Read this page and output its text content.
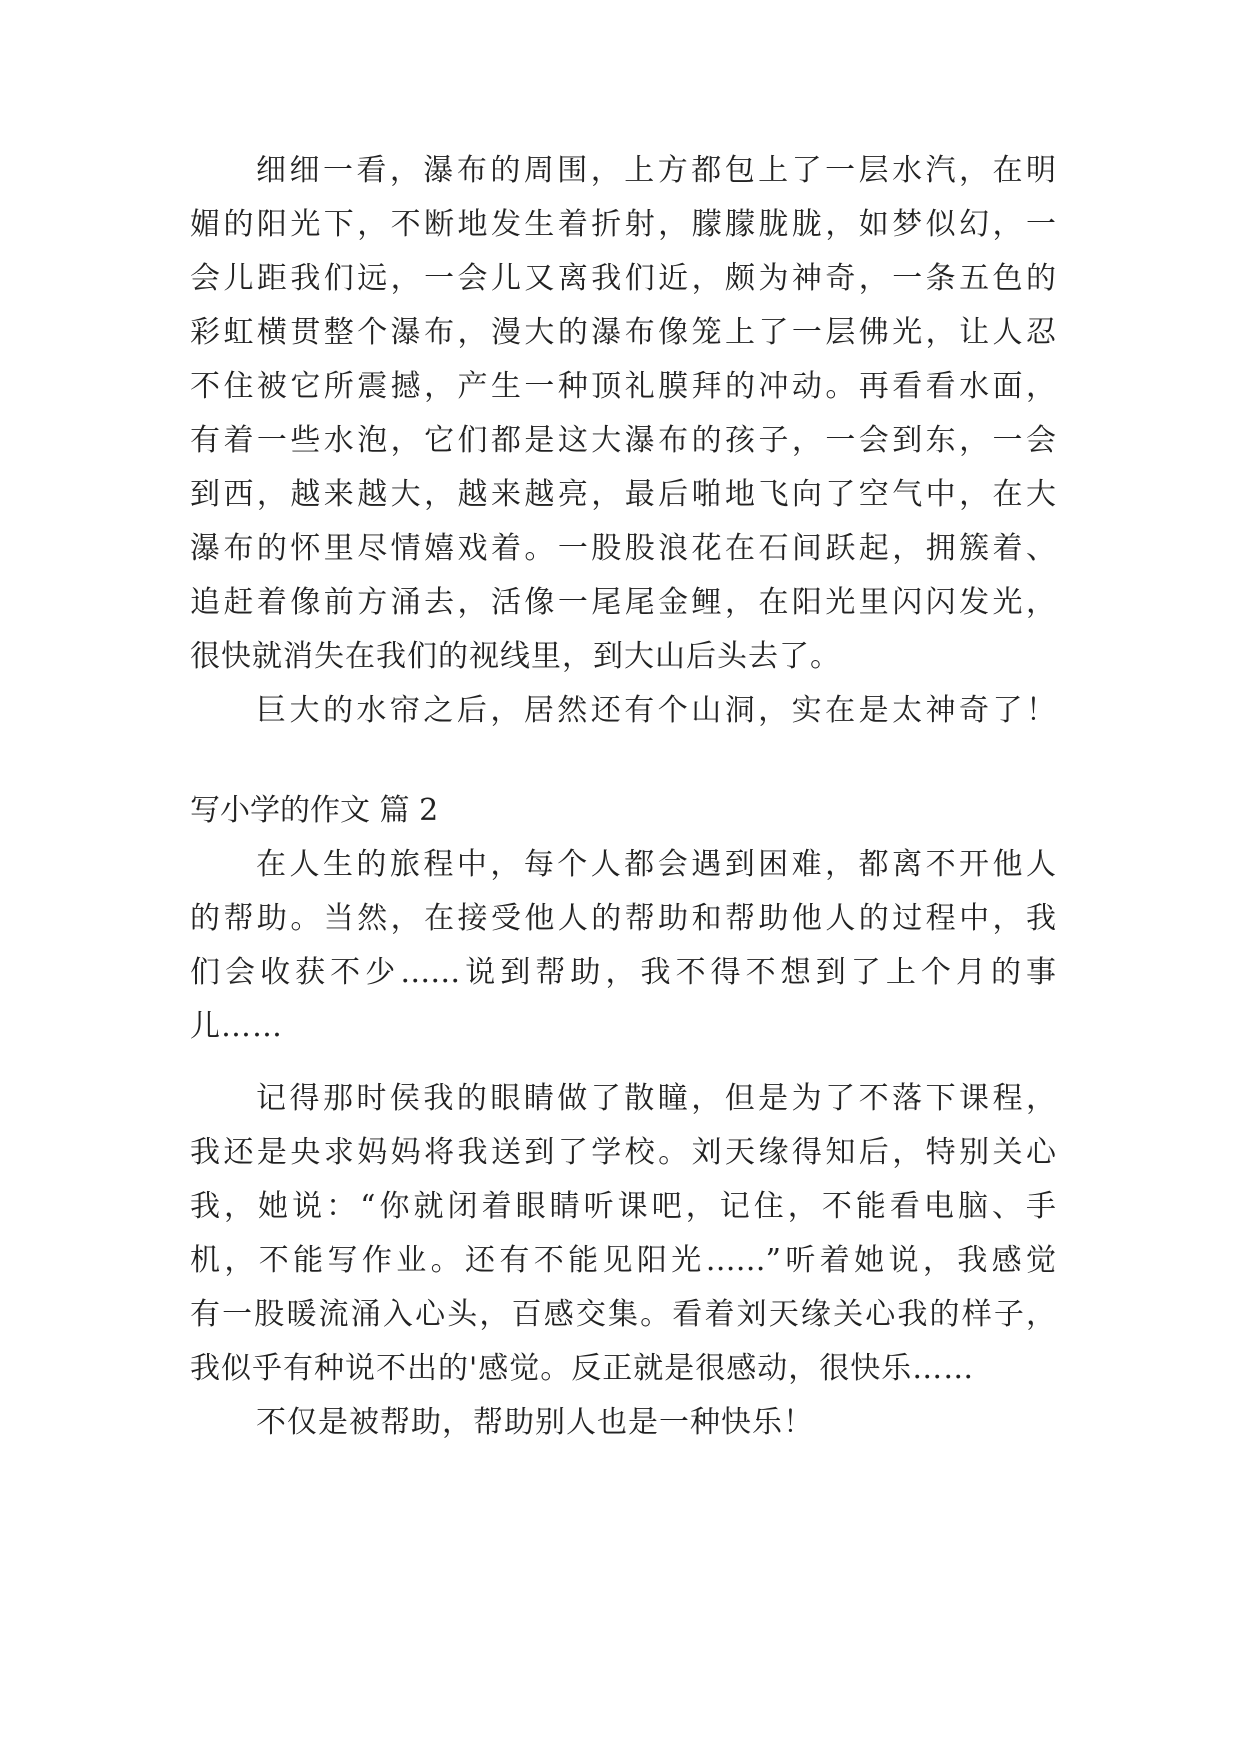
细细一看，瀑布的周围，上方都包上了一层水汽，在明
媚的阳光下，不断地发生着折射，朦朦胧胧，如梦似幻，一
会儿距我们远，一会儿又离我们近，颇为神奇，一条五色的
彩虹横贯整个瀑布，漫大的瀑布像笼上了一层佛光，让人忍
不住被它所震撼，产生一种顶礼膜拜的冲动。再看看水面，
有着一些水泡，它们都是这大瀑布的孩子，一会到东，一会
到西，越来越大，越来越亮，最后啪地飞向了空气中，在大
瀑布的怀里尽情嬉戏着。一股股浪花在石间跃起，拥簇着、
追赶着像前方涌去，活像一尾尾金鲤，在阳光里闪闪发光，
很快就消失在我们的视线里，到大山后头去了。
巨大的水帘之后，居然还有个山洞，实在是太神奇了！
写小学的作文 篇 2
在人生的旅程中，每个人都会遇到困难，都离不开他人
的帮助。当然，在接受他人的帮助和帮助他人的过程中，我
们会收获不少……说到帮助，我不得不想到了上个月的事
儿……
记得那时侯我的眼睛做了散瞳，但是为了不落下课程，
我还是央求妈妈将我送到了学校。刘天缘得知后，特别关心
我，她说：“你就闭着眼睛听课吧，记住，不能看电脑、手
机，不能写作业。还有不能见阳光……”听着她说，我感觉
有一股暖流涌入心头，百感交集。看着刘天缘关心我的样子，
我似乎有种说不出的'感觉。反正就是很感动，很快乐……
不仅是被帮助，帮助别人也是一种快乐！
